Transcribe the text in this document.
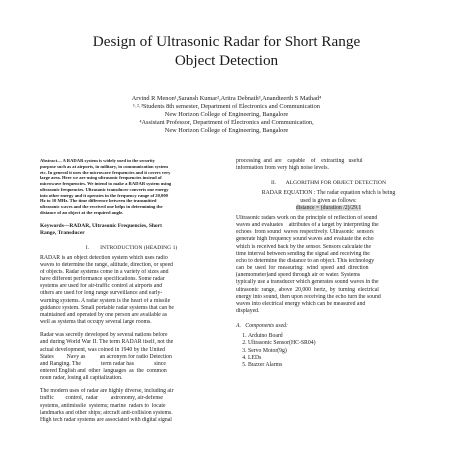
Design of Ultrasonic Radar for Short Range
Object Detection
Arvind R Menon¹,Saransh Kumar²,Aritra Debnath³,Anandteerth S Mathad⁴
¹˒²˒³Students 8th semester, Department of Electronics and Communication
New Horizon College of Engineering, Bangalore
⁴Assistant Professor, Department of Electronics and Communication,
New Horizon College of Engineering, Bangalore
Abstract— A RADAR system is widely used in the security
purpose such as at airports, in military, in communication system
etc. In general it uses the microwave frequencies and it covers very
large area. Here we are using ultrasonic frequencies instead of
microwave frequencies. We intend to make a RADAR system using
ultrasonic frequencies. Ultrasonic transducer converts one energy
into other energy and it operates in the frequency range of 20,000
Hz to 10 MHz. The time difference between the transmitted
ultrasonic waves and the received one helps in determining the
distance of an object at the required angle.
Keywords—RADAR, Ultrasonic Frequencies, Short
Range, Transducer
I.        INTRODUCTION (HEADING 1)

RADAR is an object detection system which uses radio
waves to determine the range, altitude, direction, or speed
of objects. Radar systems come in a variety of sizes and
have different performance specifications. Some radar
systems are used for air-traffic control at airports and
others are used for long range surveillance and early-
warning systems. A radar system is the heart of a missile
guidance system. Small portable radar systems that can be
maintained and operated by one person are available as
well as systems that occupy several large rooms.

Radar was secretly developed by several nations before
and during World War II. The term RADAR itself, not the
actual development, was coined in 1940 by the United
States         Navy as          an acronym for radio Detection
and Ranging. The              term radar has              since
entered English and  other  languages  as  the  common
noun radar, losing all capitalization.

The modern uses of radar are highly diverse, including air
traffic        control,  radar         astronomy, air-defense
systems, antimissile  systems; marine  radars to  locate
landmarks and other ships; aircraft anti-collision systems.
High tech radar systems are associated with digital signal

processing  and  are    capable    of    extracting   useful
information from very high noise levels.

II.       ALGORITHM FOR OBJECT DETECTION

RADAR EQUATION : The radar equation which is being

used is given as follows:

distance = (duration /2)/29.1

Ultrasonic radars work on the principle of reflection of sound
waves and evaluates    attributes of a target by interpreting the
echoes  from sound  waves respectively. Ultrasonic  sensors
generate high frequency sound waves and evaluate the echo
which is received back by the sensor. Sensors calculate the
time interval between sending the signal and receiving the
echo to determine the distance to an object. This technology
can  be  used  for  measuring:  wind  speed  and  direction
(anemometer)and speed through air or water. Systems
typically use a transducer which generates sound waves in the
ultrasonic  range,  above  20,000  hertz,  by  turning  electrical
energy into sound, then upon receiving the echo turn the sound
waves into electrical energy which can be measured and
displayed.

A.   Components used:
1. Arduino Board
2. Ultrasonic Sensor(HC-SR04)
3. Servo Motor(9g)
4. LEDs
5. Buzzer Alarms
